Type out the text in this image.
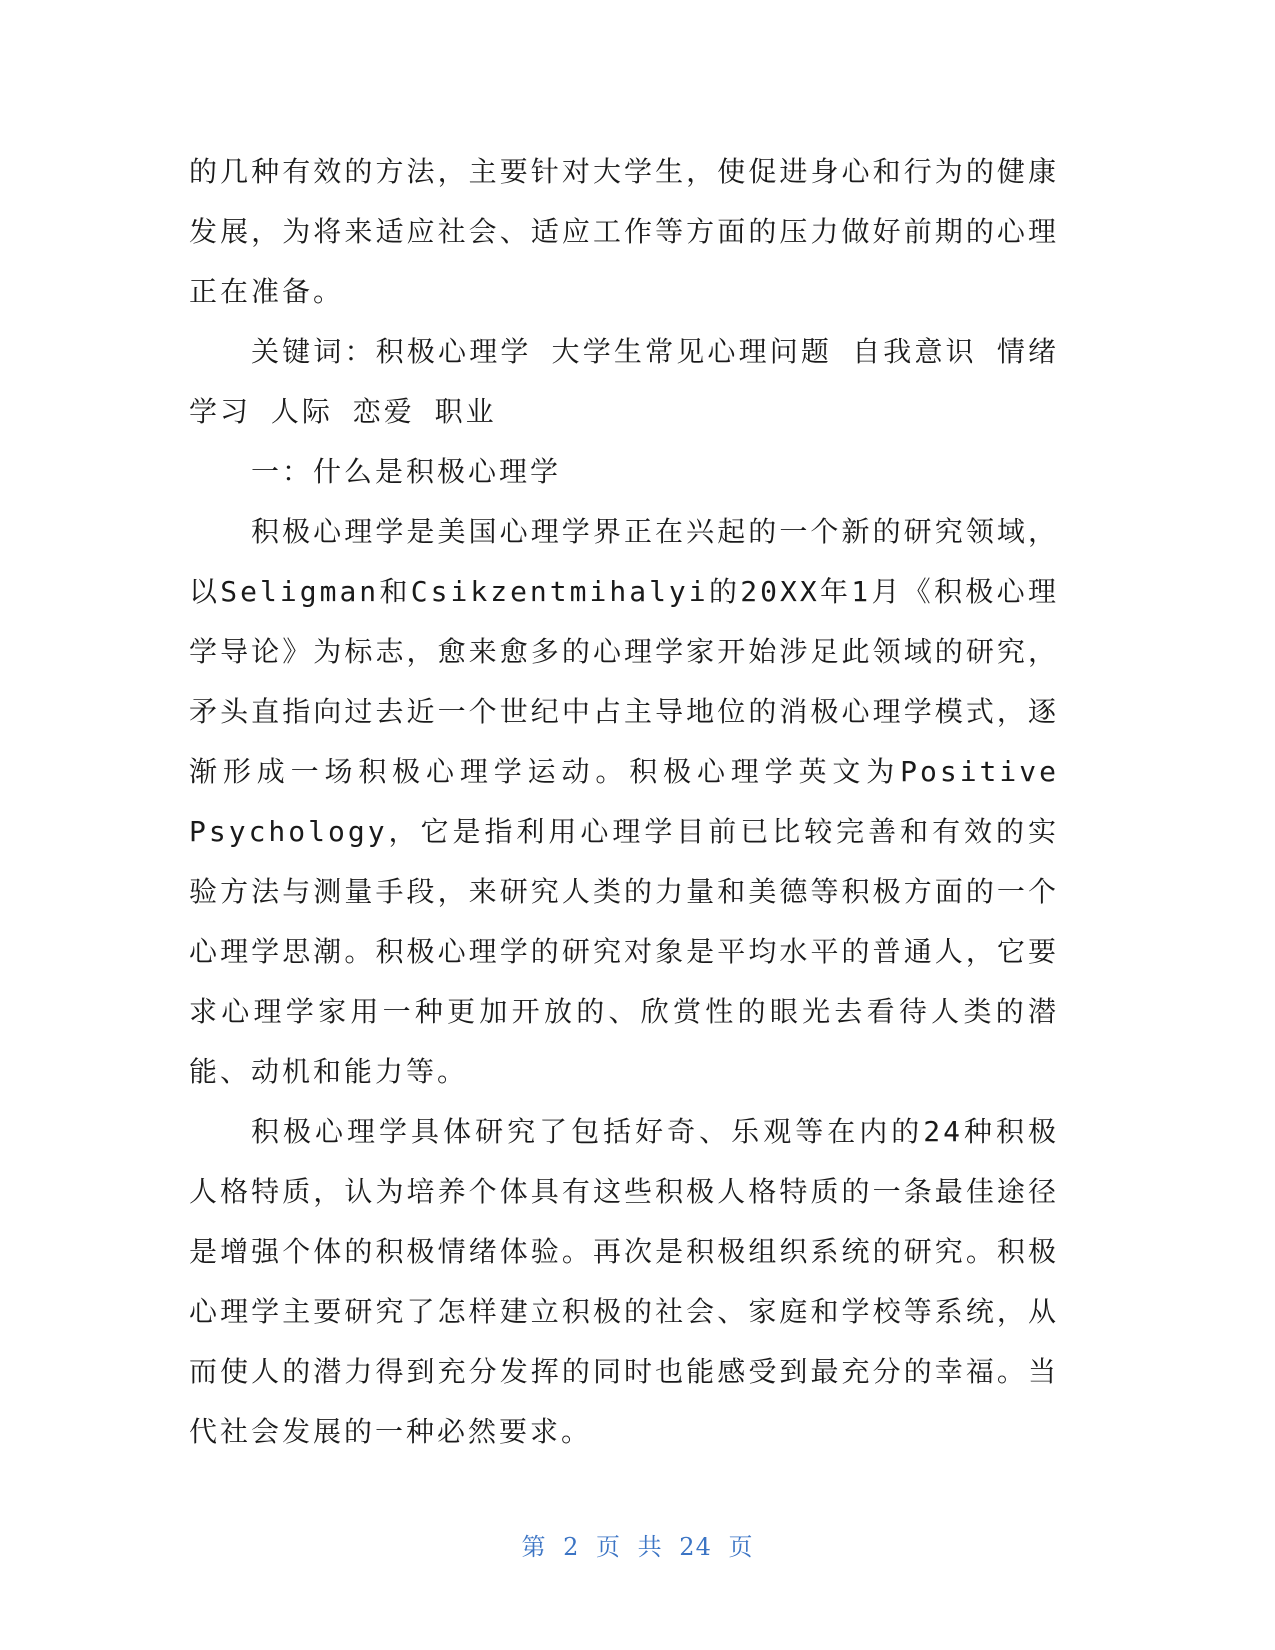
的几种有效的方法，主要针对大学生，使促进身心和行为的健康发展，为将来适应社会、适应工作等方面的压力做好前期的心理正在准备。

关键词：积极心理学 大学生常见心理问题 自我意识 情绪 学习 人际 恋爱 职业

一：什么是积极心理学

积极心理学是美国心理学界正在兴起的一个新的研究领域，以Seligman和Csikzentmihalyi的20XX年1月《积极心理学导论》为标志，愈来愈多的心理学家开始涉足此领域的研究，矛头直指向过去近一个世纪中占主导地位的消极心理学模式，逐渐形成一场积极心理学运动。积极心理学英文为Positive Psychology，它是指利用心理学目前已比较完善和有效的实验方法与测量手段，来研究人类的力量和美德等积极方面的一个心理学思潮。积极心理学的研究对象是平均水平的普通人，它要求心理学家用一种更加开放的、欣赏性的眼光去看待人类的潜能、动机和能力等。

积极心理学具体研究了包括好奇、乐观等在内的24种积极人格特质，认为培养个体具有这些积极人格特质的一条最佳途径是增强个体的积极情绪体验。再次是积极组织系统的研究。积极心理学主要研究了怎样建立积极的社会、家庭和学校等系统，从而使人的潜力得到充分发挥的同时也能感受到最充分的幸福。当代社会发展的一种必然要求。

第 2 页 共 24 页
